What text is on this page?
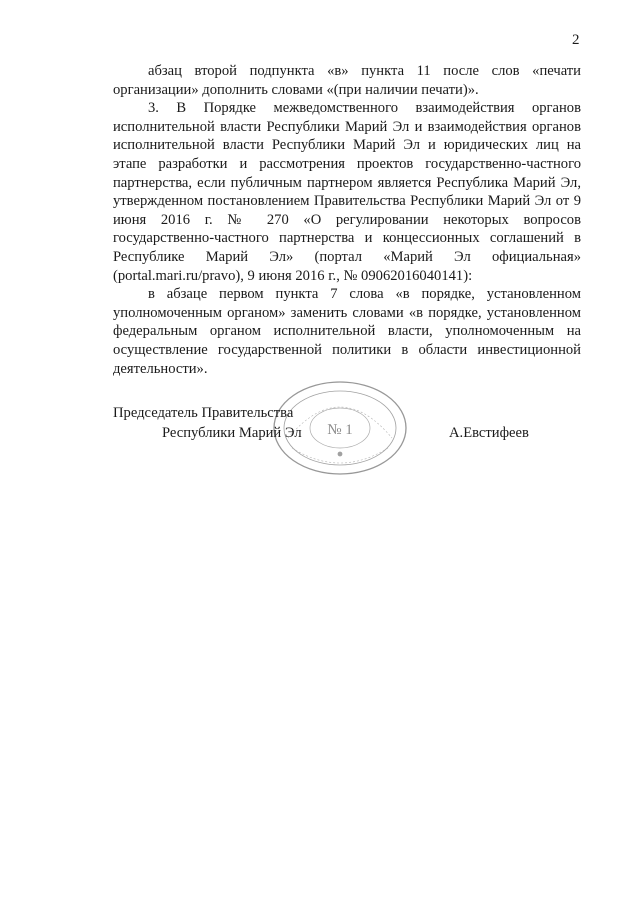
2

абзац второй подпункта «в» пункта 11 после слов «печати организации» дополнить словами «(при наличии печати)».

3. В Порядке межведомственного взаимодействия органов исполнительной власти Республики Марий Эл и взаимодействия органов исполнительной власти Республики Марий Эл и юридических лиц на этапе разработки и рассмотрения проектов государственно-частного партнерства, если публичным партнером является Республика Марий Эл, утвержденном постановлением Правительства Республики Марий Эл от 9 июня 2016 г. № 270 «О регулировании некоторых вопросов государственно-частного партнерства и концессионных соглашений в Республике Марий Эл» (портал «Марий Эл официальная» (portal.mari.ru/pravo), 9 июня 2016 г., № 09062016040141):

в абзаце первом пункта 7 слова «в порядке, установленном уполномоченным органом» заменить словами «в порядке, установленном федеральным органом исполнительной власти, уполномоченным на осуществление государственной политики в области инвестиционной деятельности».

№ 1
Председатель Правительства
Республики Марий Эл	А.Евстифеев
